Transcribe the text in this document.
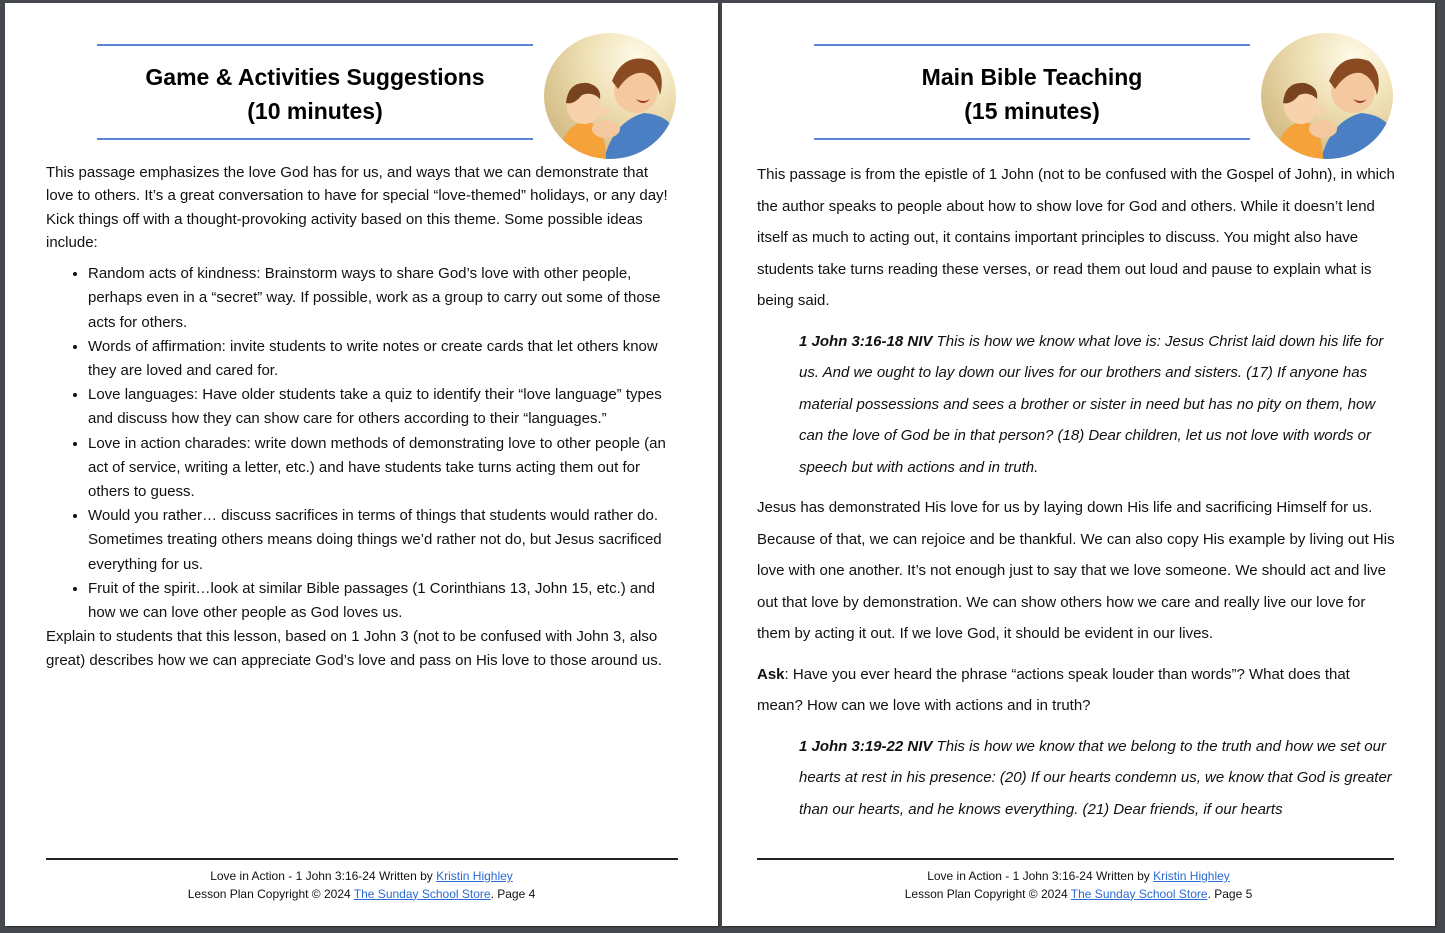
Game & Activities Suggestions
(10 minutes)
This passage emphasizes the love God has for us, and ways that we can demonstrate that love to others. It’s a great conversation to have for special “love-themed” holidays, or any day! Kick things off with a thought-provoking activity based on this theme. Some possible ideas include:
• Random acts of kindness: Brainstorm ways to share God’s love with other people, perhaps even in a “secret” way. If possible, work as a group to carry out some of those acts for others.
• Words of affirmation: invite students to write notes or create cards that let others know they are loved and cared for.
• Love languages: Have older students take a quiz to identify their “love language” types and discuss how they can show care for others according to their “languages.”
• Love in action charades: write down methods of demonstrating love to other people (an act of service, writing a letter, etc.) and have students take turns acting them out for others to guess.
• Would you rather… discuss sacrifices in terms of things that students would rather do. Sometimes treating others means doing things we’d rather not do, but Jesus sacrificed everything for us.
• Fruit of the spirit…look at similar Bible passages (1 Corinthians 13, John 15, etc.) and how we can love other people as God loves us.
Explain to students that this lesson, based on 1 John 3 (not to be confused with John 3, also great) describes how we can appreciate God’s love and pass on His love to those around us.
Love in Action - 1 John 3:16-24 Written by Kristin Highley
Lesson Plan Copyright © 2024 The Sunday School Store. Page 4
Main Bible Teaching
(15 minutes)

This passage is from the epistle of 1 John (not to be confused with the Gospel of John), in which the author speaks to people about how to show love for God and others. While it doesn’t lend itself as much to acting out, it contains important principles to discuss. You might also have students take turns reading these verses, or read them out loud and pause to explain what is being said.

1 John 3:16-18 NIV This is how we know what love is: Jesus Christ laid down his life for us. And we ought to lay down our lives for our brothers and sisters. (17) If anyone has material possessions and sees a brother or sister in need but has no pity on them, how can the love of God be in that person? (18) Dear children, let us not love with words or speech but with actions and in truth.

Jesus has demonstrated His love for us by laying down His life and sacrificing Himself for us. Because of that, we can rejoice and be thankful. We can also copy His example by living out His love with one another. It’s not enough just to say that we love someone. We should act and live out that love by demonstration. We can show others how we care and really live our love for them by acting it out. If we love God, it should be evident in our lives.

Ask: Have you ever heard the phrase “actions speak louder than words”? What does that mean? How can we love with actions and in truth?

1 John 3:19-22 NIV This is how we know that we belong to the truth and how we set our hearts at rest in his presence: (20) If our hearts condemn us, we know that God is greater than our hearts, and he knows everything. (21) Dear friends, if our hearts

Love in Action - 1 John 3:16-24 Written by Kristin Highley
Lesson Plan Copyright © 2024 The Sunday School Store. Page 5
